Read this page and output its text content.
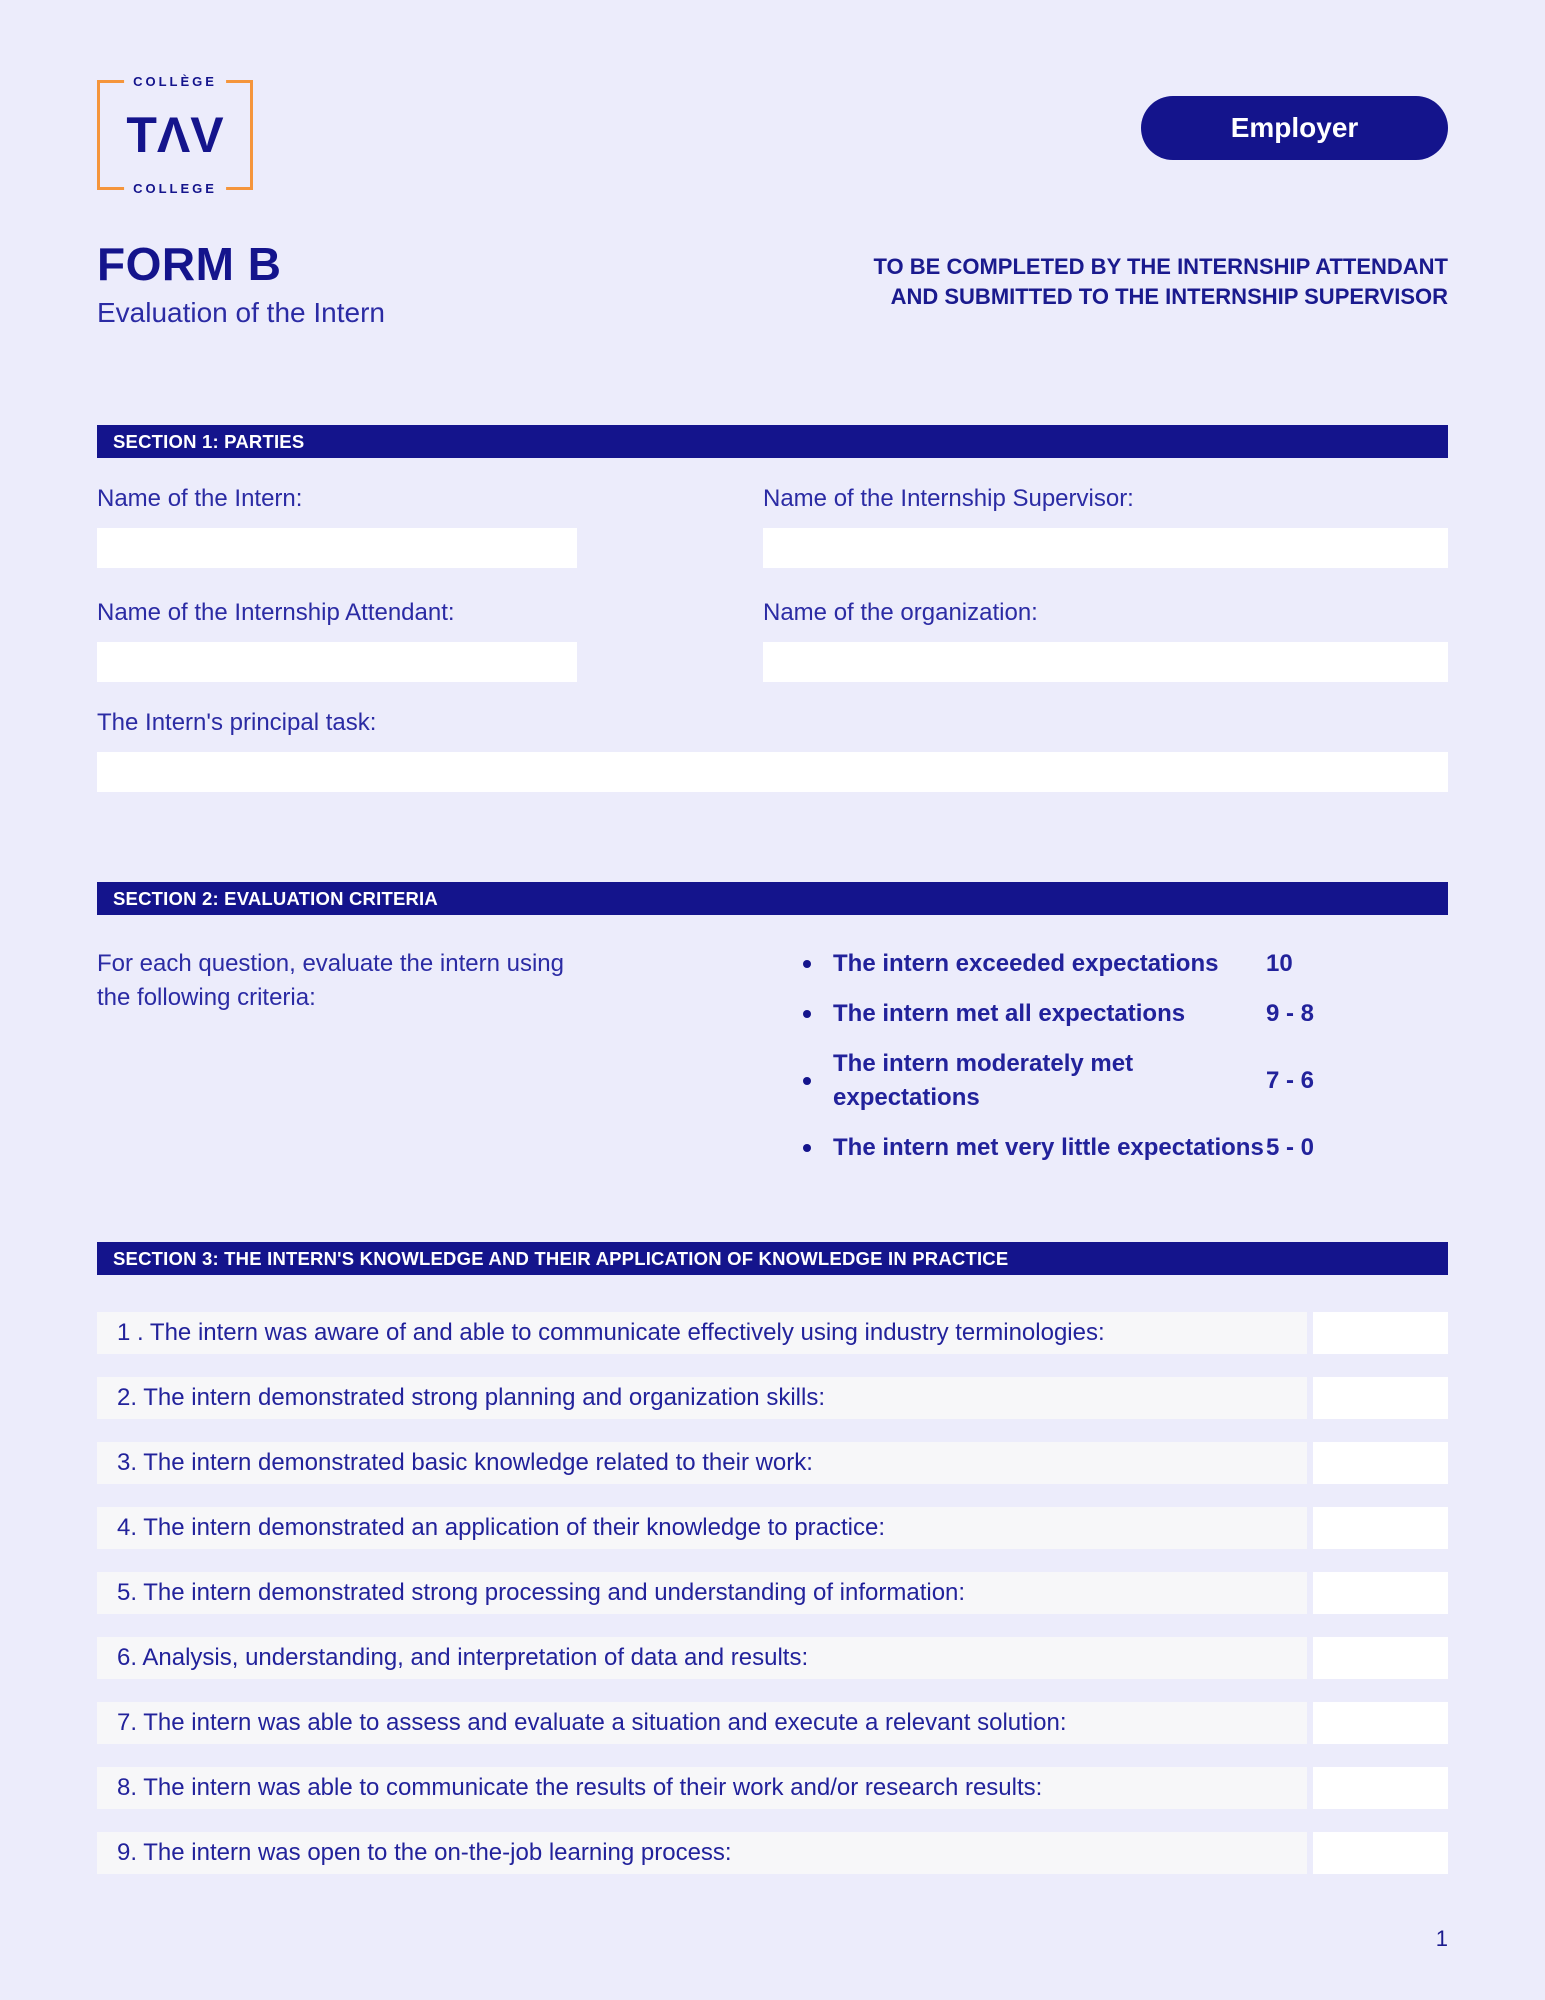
COLLÈGE
TΛV
COLLEGE
Employer
FORM B
Evaluation of the Intern
TO BE COMPLETED BY THE INTERNSHIP ATTENDANT
AND SUBMITTED TO THE INTERNSHIP SUPERVISOR
SECTION 1: PARTIES
Name of the Intern:	Name of the Internship Supervisor:
Name of the Internship Attendant:	Name of the organization:
The Intern's principal task:
SECTION 2: EVALUATION CRITERIA

For each question, evaluate the intern using the following criteria:

The intern exceeded expectations	10
The intern met all expectations	9 - 8
The intern moderately met expectations
7 - 6
The intern met very little expectations 5 - 0
SECTION 3: THE INTERN'S KNOWLEDGE AND THEIR APPLICATION OF KNOWLEDGE IN PRACTICE
1 . The intern was aware of and able to communicate effectively using industry terminologies:
2. The intern demonstrated strong planning and organization skills:
3. The intern demonstrated basic knowledge related to their work:
4. The intern demonstrated an application of their knowledge to practice:
5. The intern demonstrated strong processing and understanding of information:
6. Analysis, understanding, and interpretation of data and results:
7. The intern was able to assess and evaluate a situation and execute a relevant solution:
8. The intern was able to communicate the results of their work and/or research results:
9. The intern was open to the on-the-job learning process:
1
